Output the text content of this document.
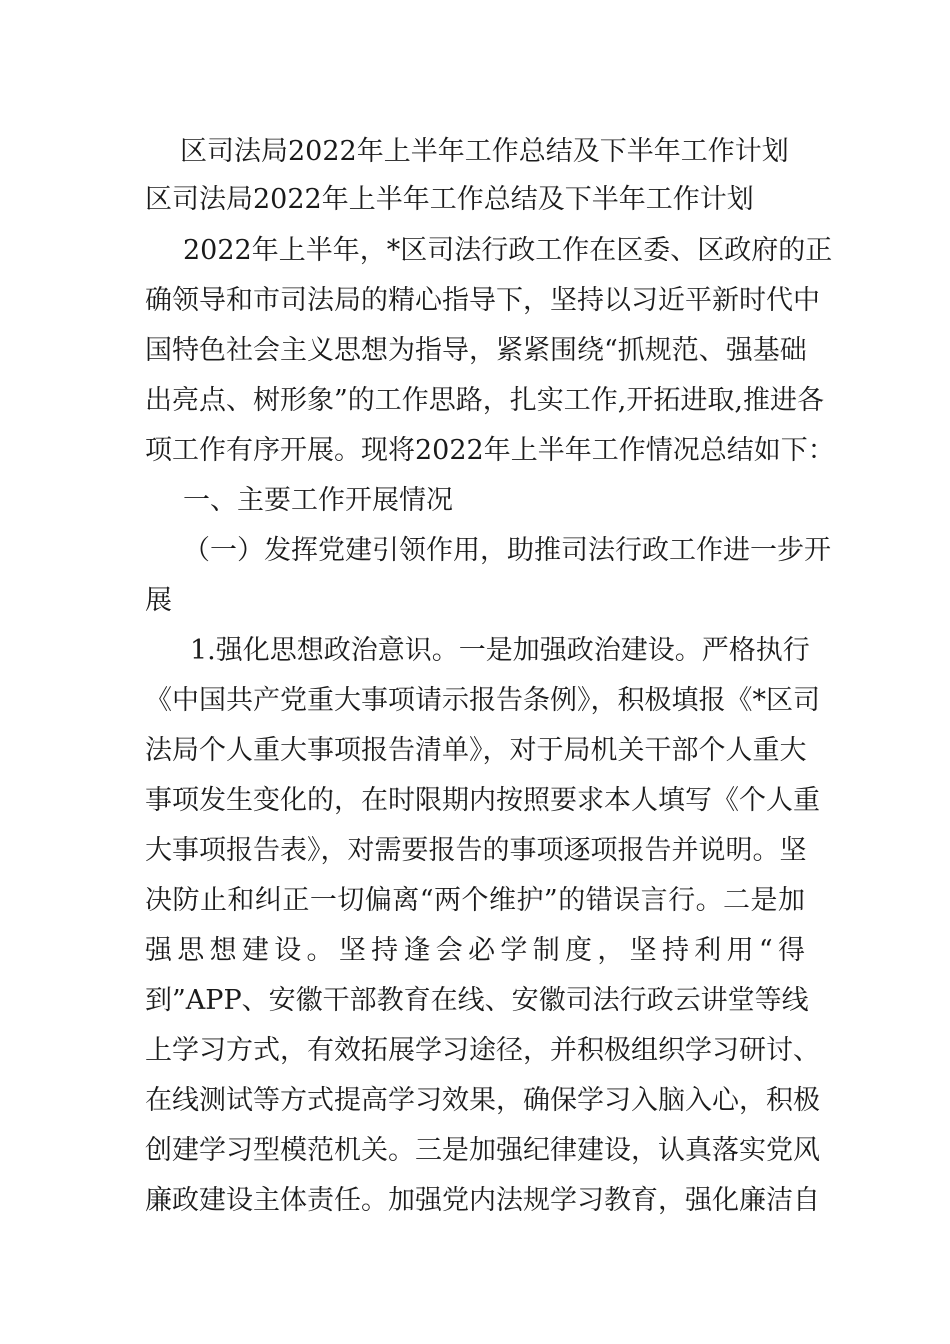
区司法局2022年上半年工作总结及下半年工作计划
区司法局2022年上半年工作总结及下半年工作计划
2022年上半年，*区司法行政工作在区委、区政府的正
确领导和市司法局的精心指导下，坚持以习近平新时代中
国特色社会主义思想为指导，紧紧围绕“抓规范、强基础
出亮点、树形象”的工作思路，扎实工作,开拓进取,推进各
项工作有序开展。现将2022年上半年工作情况总结如下：
一、主要工作开展情况
（一）发挥党建引领作用，助推司法行政工作进一步开
展
1.强化思想政治意识。一是加强政治建设。严格执行
《中国共产党重大事项请示报告条例》，积极填报《*区司
法局个人重大事项报告清单》，对于局机关干部个人重大
事项发生变化的，在时限期内按照要求本人填写《个人重
大事项报告表》，对需要报告的事项逐项报告并说明。坚
决防止和纠正一切偏离“两个维护”的错误言行。二是加
强思想建设。坚持逢会必学制度，坚持利用“得
到”APP、安徽干部教育在线、安徽司法行政云讲堂等线
上学习方式，有效拓展学习途径，并积极组织学习研讨、
在线测试等方式提高学习效果，确保学习入脑入心，积极
创建学习型模范机关。三是加强纪律建设，认真落实党风
廉政建设主体责任。加强党内法规学习教育，强化廉洁自
